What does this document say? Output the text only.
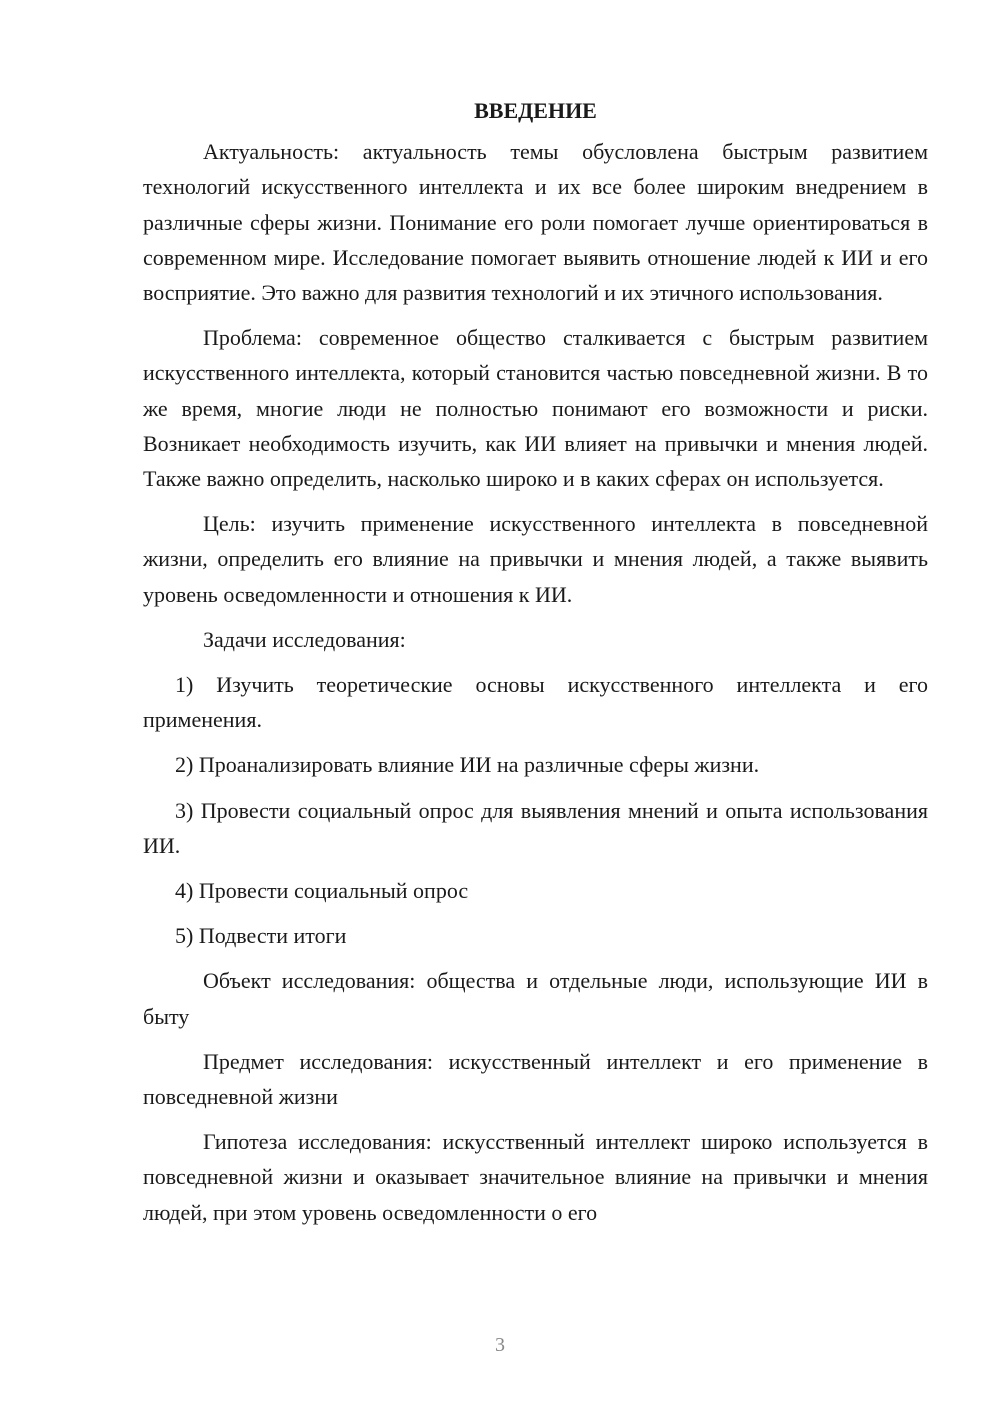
ВВЕДЕНИЕ

Актуальность: актуальность темы обусловлена быстрым развитием технологий искусственного интеллекта и их все более широким внедрением в различные сферы жизни. Понимание его роли помогает лучше ориентироваться в современном мире. Исследование помогает выявить отношение людей к ИИ и его восприятие. Это важно для развития технологий и их этичного использования.

Проблема: современное общество сталкивается с быстрым развитием искусственного интеллекта, который становится частью повседневной жизни. В то же время, многие люди не полностью понимают его возможности и риски. Возникает необходимость изучить, как ИИ влияет на привычки и мнения людей. Также важно определить, насколько широко и в каких сферах он используется.

Цель: изучить применение искусственного интеллекта в повседневной жизни, определить его влияние на привычки и мнения людей, а также выявить уровень осведомленности и отношения к ИИ.

Задачи исследования:

1) Изучить теоретические основы искусственного интеллекта и его применения.

2) Проанализировать влияние ИИ на различные сферы жизни.

3) Провести социальный опрос для выявления мнений и опыта использования ИИ.

4) Провести социальный опрос

5) Подвести итоги

Объект исследования: общества и отдельные люди, использующие ИИ в быту

Предмет исследования: искусственный интеллект и его применение в повседневной жизни

Гипотеза исследования: искусственный интеллект широко используется в повседневной жизни и оказывает значительное влияние на привычки и мнения людей, при этом уровень осведомленности о его

3
